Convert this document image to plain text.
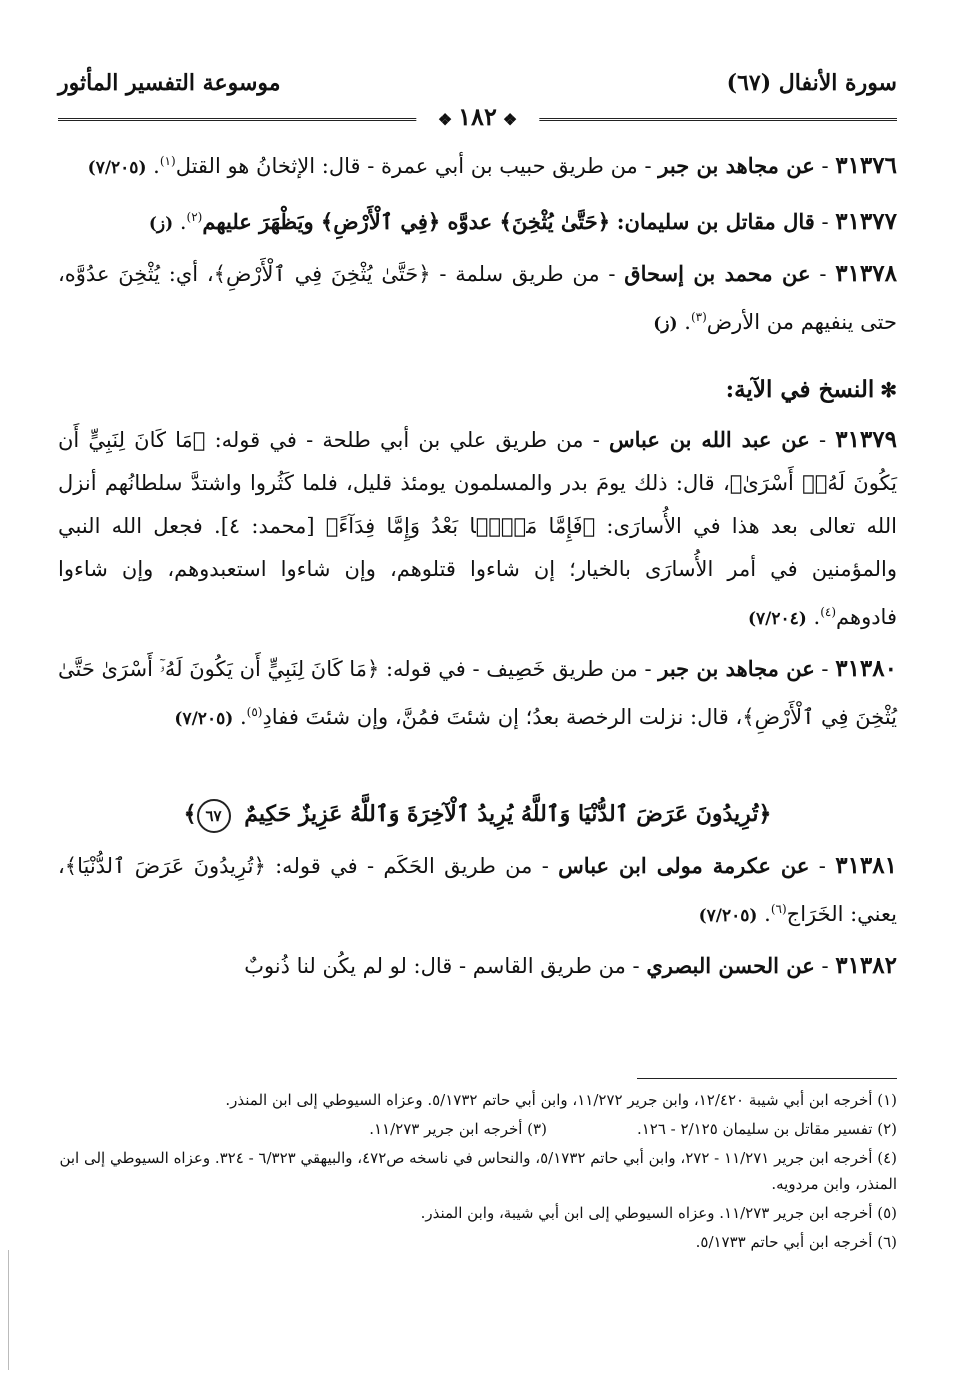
سورة الأنفال (٦٧)
موسوعة التفسير المأثور
❖١٨٢❖

٣١٣٧٦ - عن مجاهد بن جبر - من طريق حبيب بن أبي عمرة - قال: الإثخانُ هو القتل$^{(١)}$. (٧/٢٠٥)

٣١٣٧٧ - قال مقاتل بن سليمان: ﴿حَتَّىٰ يُثْخِنَ﴾ عدوَّه ﴿فِي ٱلْأَرْضِ﴾ ويَظْهَرَ عليهم$^{(٢)}$. (ز)

٣١٣٧٨ - عن محمد بن إسحاق - من طريق سلمة - ﴿حَتَّىٰ يُثْخِنَ فِي ٱلْأَرْضِ﴾، أي: يُثْخِنَ عدُوَّه، حتى ينفيهم من الأرض$^{(٣)}$. (ز)

✻النسخ في الآية:

٣١٣٧٩ - عن عبد الله بن عباس - من طريق علي بن أبي طلحة - في قوله: ﴿مَا كَانَ لِنَبِيٍّ أَن يَكُونَ لَهُۥٓ أَسْرَىٰ﴾، قال: ذلك يومَ بدر والمسلمون يومئذ قليل، فلما كَثُروا واشتدَّ سلطانُهم أنزل الله تعالى بعد هذا في الأُسارَى: ﴿فَإِمَّا مَنًّۢا بَعْدُ وَإِمَّا فِدَآءً﴾ [محمد: ٤]. فجعل الله النبي والمؤمنين في أمر الأُسارَى بالخيار؛ إن شاءوا قتلوهم، وإن شاءوا استعبدوهم، وإن شاءوا فادوهم$^{(٤)}$. (٧/٢٠٤)

٣١٣٨٠ - عن مجاهد بن جبر - من طريق خَصِيف - في قوله: ﴿مَا كَانَ لِنَبِيٍّ أَن يَكُونَ لَهُۥٓ أَسْرَىٰ حَتَّىٰ يُثْخِنَ فِي ٱلْأَرْضِ﴾، قال: نزلت الرخصة بعدُ؛ إن شئتَ فمُنَّ، وإن شئتَ ففادِ$^{(٥)}$. (٧/٢٠٥)

﴿تُرِيدُونَ عَرَضَ ٱلدُّنْيَا وَٱللَّهُ يُرِيدُ ٱلْآخِرَةَ وَٱللَّهُ عَزِيزٌ حَكِيمٌ ٦٧﴾

٣١٣٨١ - عن عكرمة مولى ابن عباس - من طريق الحَكَم - في قوله: ﴿تُرِيدُونَ عَرَضَ ٱلدُّنْيَا﴾، يعني: الخَرَاج$^{(٦)}$. (٧/٢٠٥)

٣١٣٨٢ - عن الحسن البصري - من طريق القاسم - قال: لو لم يكُن لنا ذُنوبٌ

(١) أخرجه ابن أبي شيبة ١٢/٤٢٠، وابن جرير ١١/٢٧٢، وابن أبي حاتم ٥/١٧٣٢. وعزاه السيوطي إلى ابن المنذر.
(٢) تفسير مقاتل بن سليمان ٢/١٢٥ - ١٢٦.
(٣) أخرجه ابن جرير ١١/٢٧٣.
(٤) أخرجه ابن جرير ١١/٢٧١ - ٢٧٢، وابن أبي حاتم ٥/١٧٣٢، والنحاس في ناسخه ص٤٧٢، والبيهقي ٦/٣٢٣ - ٣٢٤. وعزاه السيوطي إلى ابن المنذر، وابن مردويه.
(٥) أخرجه ابن جرير ١١/٢٧٣. وعزاه السيوطي إلى ابن أبي شيبة، وابن المنذر.
(٦) أخرجه ابن أبي حاتم ٥/١٧٣٣.
